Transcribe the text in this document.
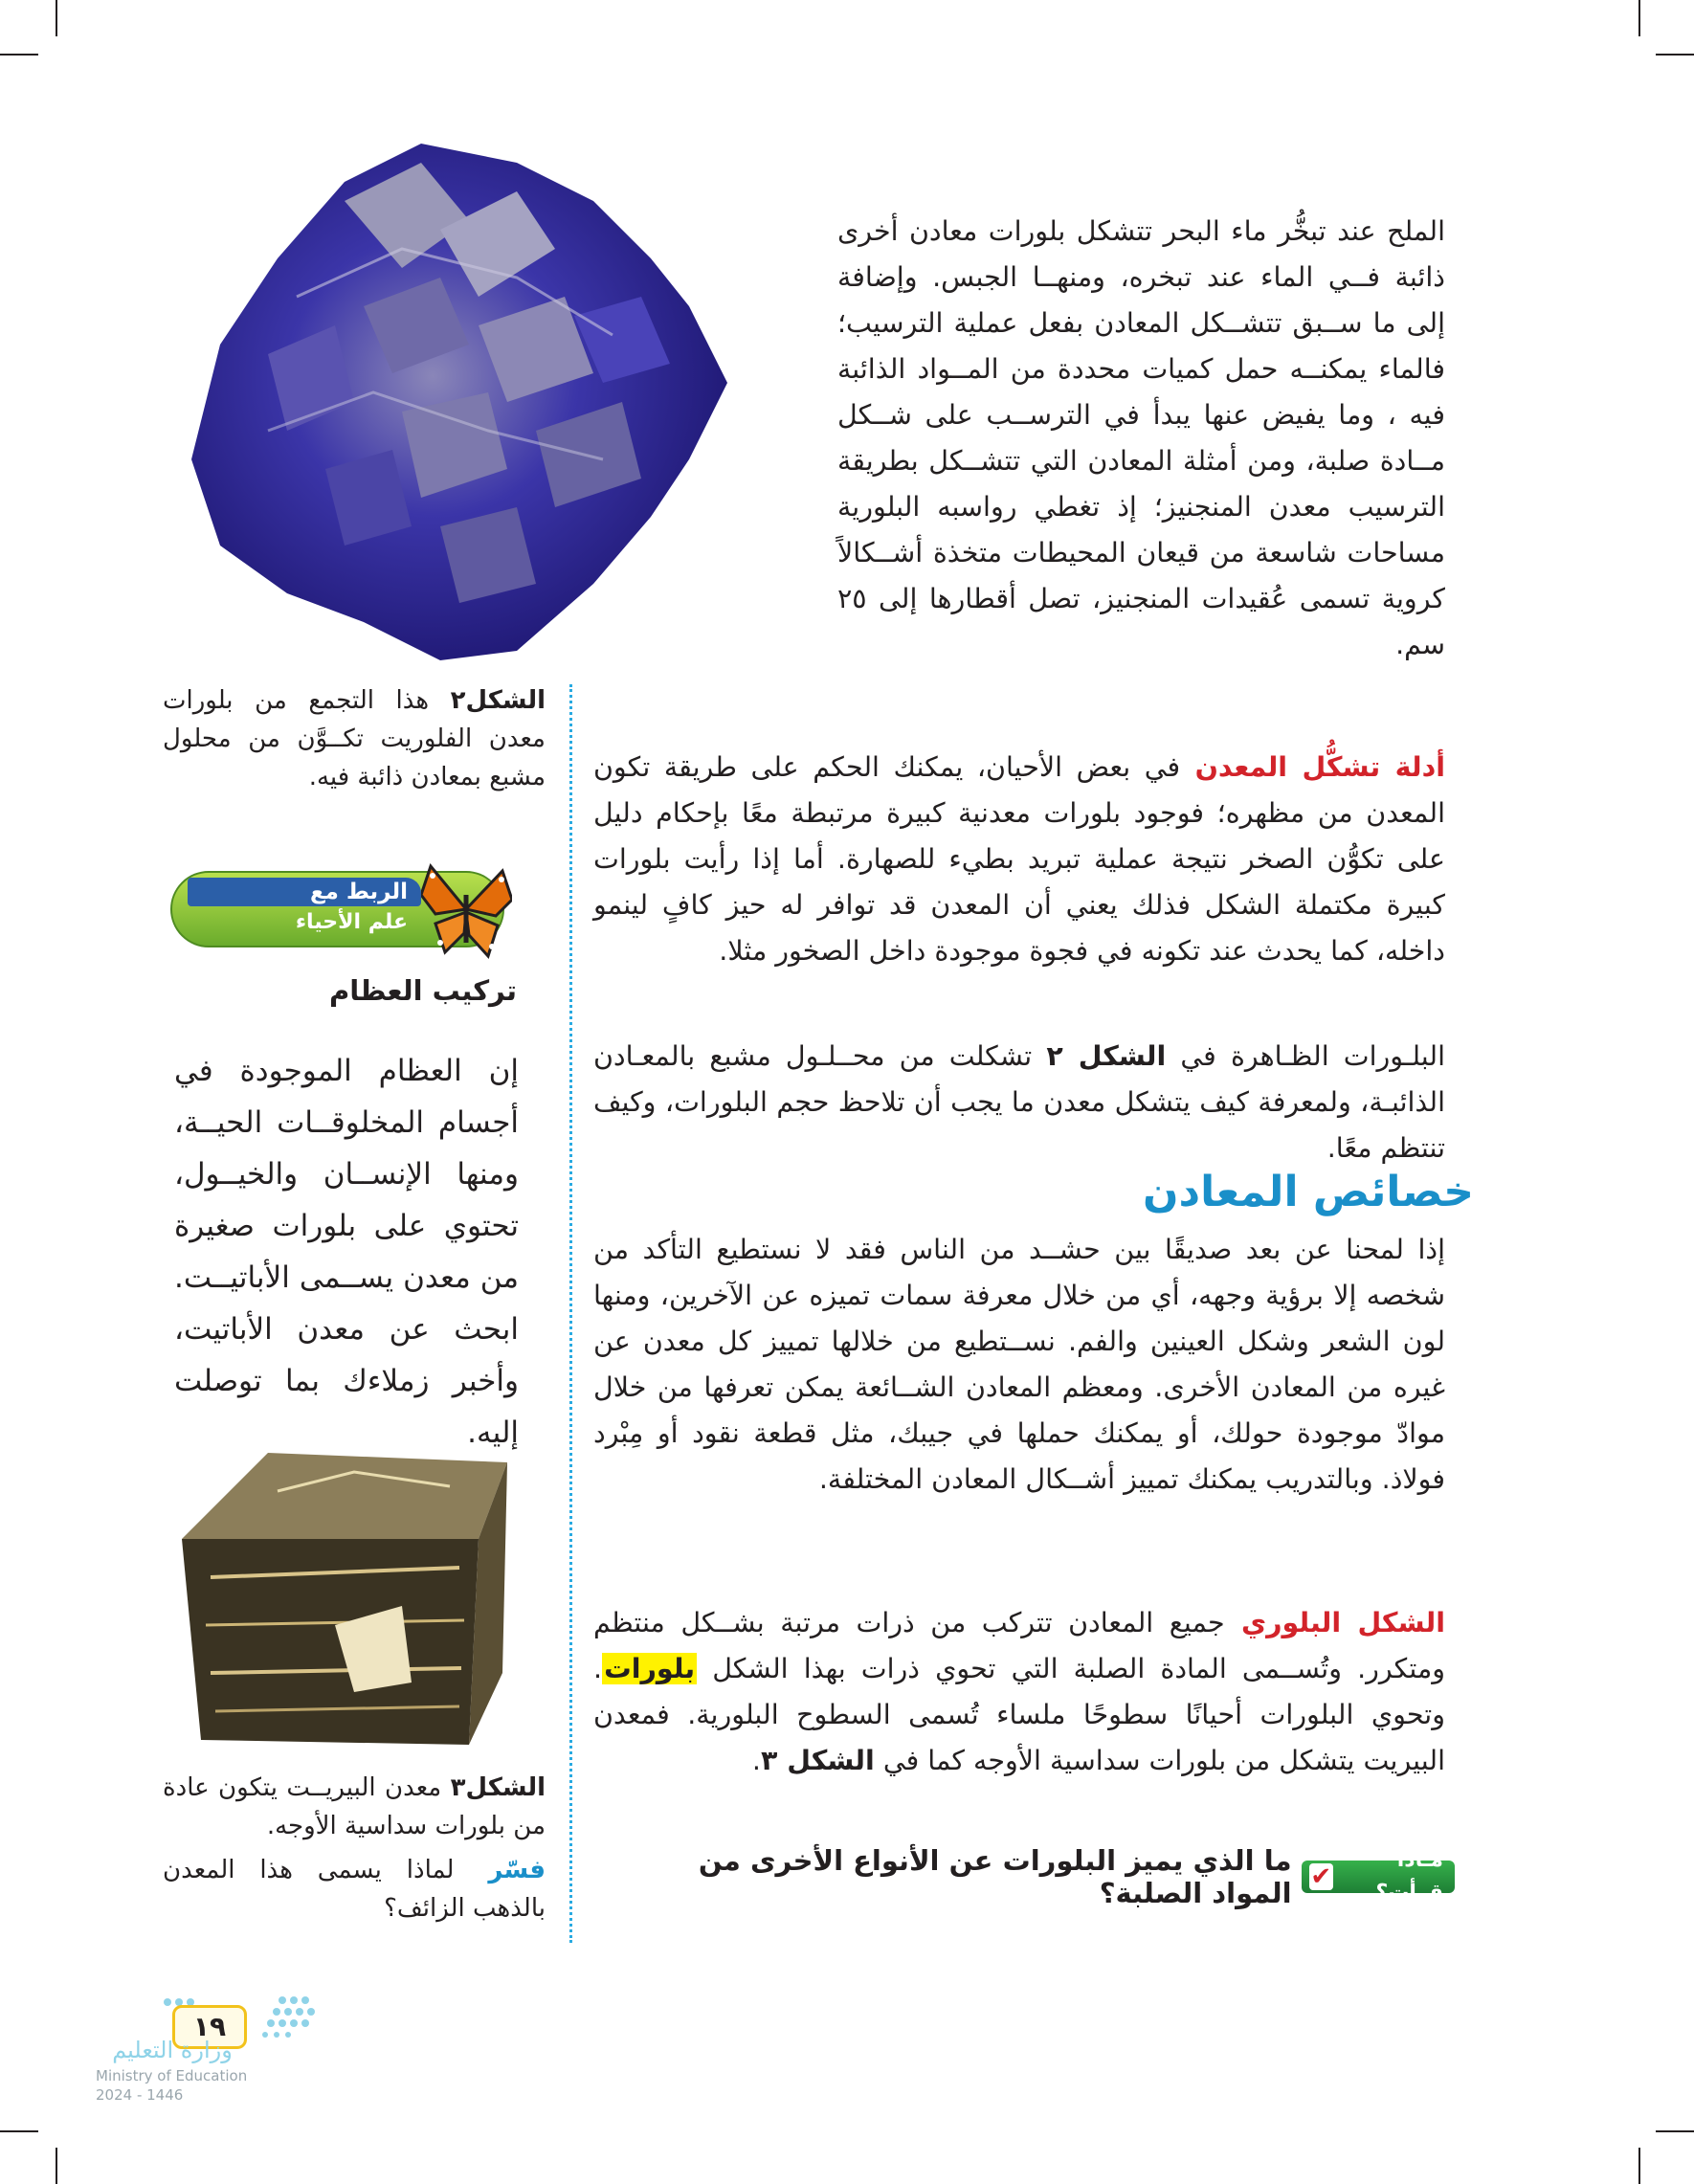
الملح عند تبخُّر ماء البحر تتشكل بلورات معادن أخرى ذائبة فــي الماء عند تبخره، ومنهــا الجبس. وإضافة إلى ما ســبق تتشــكل المعادن بفعل عملية الترسيب؛ فالماء يمكنــه حمل كميات محددة من المــواد الذائبة فيه ، وما يفيض عنها يبدأ في الترســب على شــكل مــادة صلبة، ومن أمثلة المعادن التي تتشــكل بطريقة الترسيب معدن المنجنيز؛ إذ تغطي رواسبه البلورية مساحات شاسعة من قيعان المحيطات متخذة أشــكالاً كروية تسمى عُقيدات المنجنيز، تصل أقطارها إلى ٢٥ سم.

أدلة تشكُّل المعدنفي بعض الأحيان، يمكنك الحكم على طريقة تكون المعدن من مظهره؛ فوجود بلورات معدنية كبيرة مرتبطة معًا بإحكام دليل على تكوُّن الصخر نتيجة عملية تبريد بطيء للصهارة. أما إذا رأيت بلورات كبيرة مكتملة الشكل فذلك يعني أن المعدن قد توافر له حيز كافٍ لينمو داخله، كما يحدث عند تكونه في فجوة موجودة داخل الصخور مثلا.

البلـورات الظـاهرة في الشكل ٢ تشكلت من محــلـول مشبع بالمعـادن الذائبـة، ولمعرفة كيف يتشكل معدن ما يجب أن تلاحظ حجم البلورات، وكيف تنتظم معًا.

خصائص المعادن

إذا لمحنا عن بعد صديقًا بين حشــد من الناس فقد لا نستطيع التأكد من شخصه إلا برؤية وجهه، أي من خلال معرفة سمات تميزه عن الآخرين، ومنها لون الشعر وشكل العينين والفم. نســتطيع من خلالها تمييز كل معدن عن غيره من المعادن الأخرى. ومعظم المعادن الشــائعة يمكن تعرفها من خلال موادّ موجودة حولك، أو يمكنك حملها في جيبك، مثل قطعة نقود أو مِبْرد فولاذ. وبالتدريب يمكنك تمييز أشــكال المعادن المختلفة.

الشكل البلوريجميع المعادن تتركب من ذرات مرتبة بشــكل منتظم ومتكرر. وتُســمى المادة الصلبة التي تحوي ذرات بهذا الشكل بلورات. وتحوي البلورات أحيانًا سطوحًا ملساء تُسمى السطوح البلورية. فمعدن البيريت يتشكل من بلورات سداسية الأوجه كما في الشكل ٣.

مـاذا قرأت؟
✔
ما الذي يميز البلورات عن الأنواع الأخرى من المواد الصلبة؟

الشكل٢ هذا التجمع من بلورات معدن الفلوريت تكــوَّن من محلول مشبع بمعادن ذائبة فيه.

الربط مع
علم الأحياء
تركيب العظام

إن العظام الموجودة في أجسام المخلوقــات الحيــة، ومنها الإنســان والخيــول، تحتوي على بلورات صغيرة من معدن يســمى الأباتيــت. ابحث عن معدن الأباتيت، وأخبر زملاءك بما توصلت إليه.

الشكل٣ معدن البيريــت يتكون عادة من بلورات سداسية الأوجه.

فسّر لماذا يسمى هذا المعدن بالذهب الزائف؟

١٩
وزارة التعليم
Ministry of Education
2024 - 1446
